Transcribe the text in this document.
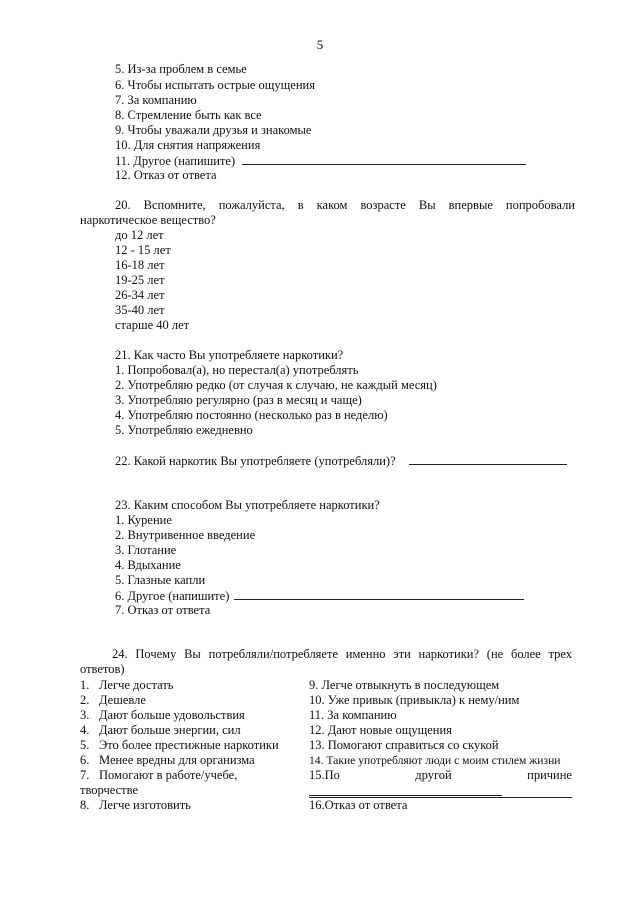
5
5. Из-за проблем в семье
6. Чтобы испытать острые ощущения
7. За компанию
8. Стремление быть как все
9. Чтобы уважали друзья и знакомые
10. Для снятия напряжения
11. Другое (напишите)
12. Отказ от ответа
20. Вспомните, пожалуйста, в каком возрасте Вы впервые попробовали
наркотическое вещество?
до 12 лет
12 - 15 лет
16-18 лет
19-25 лет
26-34 лет
35-40 лет
старше 40 лет
21. Как часто Вы употребляете наркотики?
1. Попробовал(а), но перестал(а) употреблять
2. Употребляю редко (от случая к случаю, не каждый месяц)
3. Употребляю регулярно (раз в месяц и чаще)
4. Употребляю постоянно (несколько раз в неделю)
5. Употребляю ежедневно
22. Какой наркотик Вы употребляете (употребляли)?
23. Каким способом Вы употребляете наркотики?
1. Курение
2. Внутривенное введение
3. Глотание
4. Вдыхание
5. Глазные капли
6. Другое (напишите)
7. Отказ от ответа
24. Почему Вы потребляли/потребляете именно эти наркотики? (не более трех
ответов)
1. Легче достать	9. Легче отвыкнуть в последующем
2. Дешевле	10. Уже привык (привыкла) к нему/ним
3. Дают больше удовольствия	11. За компанию
4. Дают больше энергии, сил	12. Дают новые ощущения
5. Это более престижные наркотики 13. Помогают справиться со скукой
6. Менее вредны для организма	14. Такие употребляют люди с моим стилем жизни
7. Помогают в работе/учебе,	15.По	другой	причине
творчестве
8. Легче изготовить	16.Отказ от ответа
